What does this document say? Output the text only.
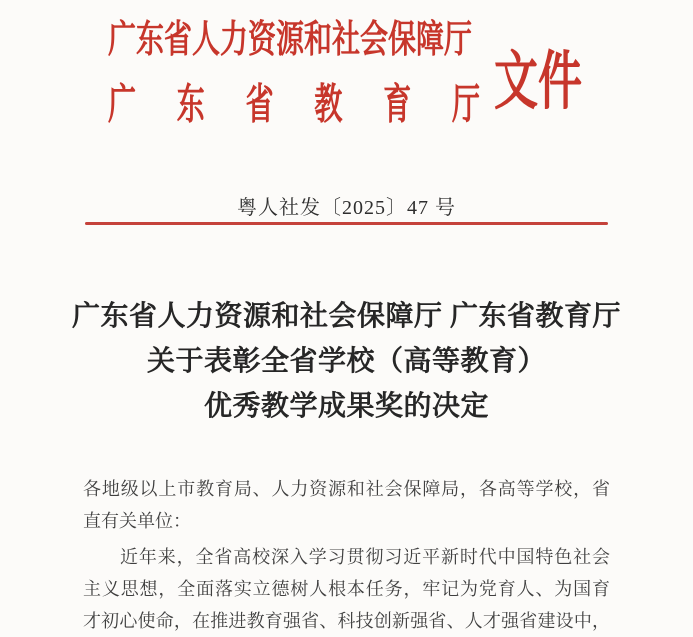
广东省人力资源和社会保障厅
广东省教育厅 文件
粤人社发〔2025〕47 号
广东省人力资源和社会保障厅 广东省教育厅
关于表彰全省学校（高等教育）
优秀教学成果奖的决定
各地级以上市教育局、人力资源和社会保障局，各高等学校，省
直有关单位：
近年来，全省高校深入学习贯彻习近平新时代中国特色社会
主义思想，全面落实立德树人根本任务，牢记为党育人、为国育
才初心使命，在推进教育强省、科技创新强省、人才强省建设中，
